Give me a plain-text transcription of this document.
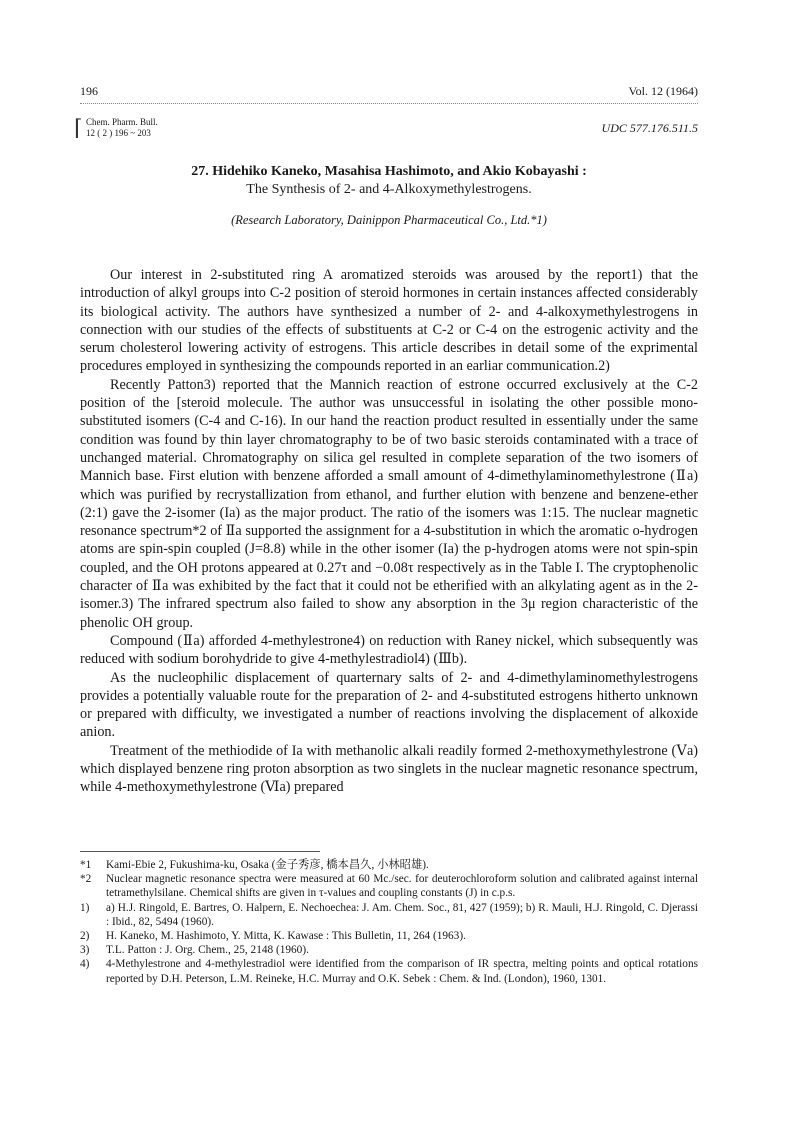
196	Vol. 12 (1964)
⌈ Chem. Pharm. Bull.
12 ( 2 ) 196 ~ 203	UDC 577.176.511.5
27. Hidehiko Kaneko, Masahisa Hashimoto, and Akio Kobayashi :
The Synthesis of 2- and 4-Alkoxymethylestrogens.
(Research Laboratory, Dainippon Pharmaceutical Co., Ltd.*1)

Our interest in 2-substituted ring A aromatized steroids was aroused by the report1) that the introduction of alkyl groups into C-2 position of steroid hormones in certain instances affected considerably its biological activity. The authors have synthesized a number of 2- and 4-alkoxymethylestrogens in connection with our studies of the effects of substituents at C-2 or C-4 on the estrogenic activity and the serum cholesterol lowering activity of estrogens. This article describes in detail some of the exprimental procedures employed in synthesizing the compounds reported in an earliar communication.2)

Recently Patton3) reported that the Mannich reaction of estrone occurred exclusively at the C-2 position of the [steroid molecule. The author was unsuccessful in isolating the other possible mono-substituted isomers (C-4 and C-16). In our hand the reaction product resulted in essentially under the same condition was found by thin layer chromatography to be of two basic steroids contaminated with a trace of unchanged material. Chromatography on silica gel resulted in complete separation of the two isomers of Mannich base. First elution with benzene afforded a small amount of 4-dimethylaminomethylestrone (Ⅱa) which was purified by recrystallization from ethanol, and further elution with benzene and benzene-ether (2:1) gave the 2-isomer (Ia) as the major product. The ratio of the isomers was 1:15. The nuclear magnetic resonance spectrum*2 of Ⅱa supported the assignment for a 4-substitution in which the aromatic o-hydrogen atoms are spin-spin coupled (J=8.8) while in the other isomer (Ia) the p-hydrogen atoms were not spin-spin coupled, and the OH protons appeared at 0.27τ and −0.08τ respectively as in the Table I. The cryptophenolic character of Ⅱa was exhibited by the fact that it could not be etherified with an alkylating agent as in the 2-isomer.3) The infrared spectrum also failed to show any absorption in the 3μ region characteristic of the phenolic OH group.

Compound (Ⅱa) afforded 4-methylestrone4) on reduction with Raney nickel, which subsequently was reduced with sodium borohydride to give 4-methylestradiol4) (Ⅲb).

As the nucleophilic displacement of quarternary salts of 2- and 4-dimethylaminomethylestrogens provides a potentially valuable route for the preparation of 2- and 4-substituted estrogens hitherto unknown or prepared with difficulty, we investigated a number of reactions involving the displacement of alkoxide anion.

Treatment of the methiodide of Ia with methanolic alkali readily formed 2-methoxymethylestrone (Ⅴa) which displayed benzene ring proton absorption as two singlets in the nuclear magnetic resonance spectrum, while 4-methoxymethylestrone (Ⅵa) prepared

*1 Kami-Ebie 2, Fukushima-ku, Osaka (金子秀彦, 橋本昌久, 小林昭雄).
*2 Nuclear magnetic resonance spectra were measured at 60 Mc./sec. for deuterochloroform solution and calibrated against internal tetramethylsilane. Chemical shifts are given in τ-values and coupling constants (J) in c.p.s.
1) a) H.J. Ringold, E. Bartres, O. Halpern, E. Nechoechea: J. Am. Chem. Soc., 81, 427 (1959); b) R. Mauli, H.J. Ringold, C. Djerassi : Ibid., 82, 5494 (1960).
2) H. Kaneko, M. Hashimoto, Y. Mitta, K. Kawase : This Bulletin, 11, 264 (1963).
3) T.L. Patton : J. Org. Chem., 25, 2148 (1960).
4) 4-Methylestrone and 4-methylestradiol were identified from the comparison of IR spectra, melting points and optical rotations reported by D.H. Peterson, L.M. Reineke, H.C. Murray and O.K. Sebek : Chem. & Ind. (London), 1960, 1301.
